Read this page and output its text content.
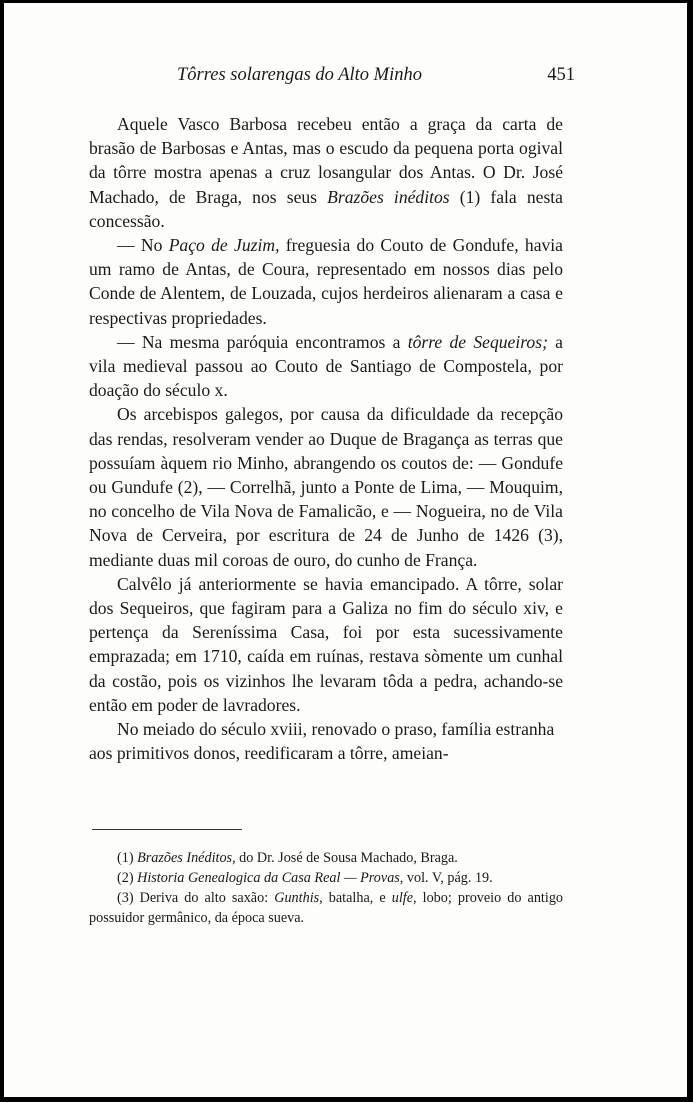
Tôrres solarengas do Alto Minho	451

Aquele Vasco Barbosa recebeu então a graça da carta de brasão de Barbosas e Antas, mas o escudo da pequena porta ogival da tôrre mostra apenas a cruz losangular dos Antas. O Dr. José Machado, de Braga, nos seus Brazões inéditos (1) fala nesta concessão.

— No Paço de Juzim, freguesia do Couto de Gondufe, havia um ramo de Antas, de Coura, representado em nossos dias pelo Conde de Alentem, de Louzada, cujos herdeiros alienaram a casa e respectivas propriedades.

— Na mesma paróquia encontramos a tôrre de Sequeiros; a vila medieval passou ao Couto de Santiago de Compostela, por doação do século x.

Os arcebispos galegos, por causa da dificuldade da recepção das rendas, resolveram vender ao Duque de Bragança as terras que possuíam àquem rio Minho, abrangendo os coutos de: — Gondufe ou Gundufe (2), — Correlhã, junto a Ponte de Lima, — Mouquim, no concelho de Vila Nova de Famalicão, e — Nogueira, no de Vila Nova de Cerveira, por escritura de 24 de Junho de 1426 (3), mediante duas mil coroas de ouro, do cunho de França.

Calvêlo já anteriormente se havia emancipado. A tôrre, solar dos Sequeiros, que fagiram para a Galiza no fim do século xiv, e pertença da Sereníssima Casa, foi por esta sucessivamente emprazada; em 1710, caída em ruínas, restava sòmente um cunhal da costão, pois os vizinhos lhe levaram tôda a pedra, achando-se então em poder de lavradores.

No meiado do século xviii, renovado o praso, família estranha aos primitivos donos, reedificaram a tôrre, ameian-

(1) Brazões Inéditos, do Dr. José de Sousa Machado, Braga.

(2) Historia Genealogica da Casa Real — Provas, vol. V, pág. 19.

(3) Deriva do alto saxão: Gunthis, batalha, e ulfe, lobo; proveio do antigo possuidor germânico, da época sueva.
